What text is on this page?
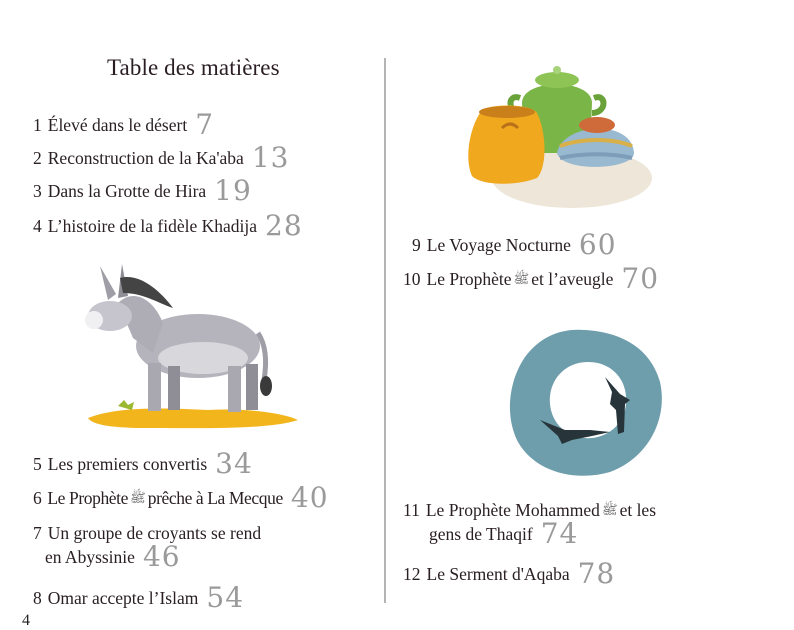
Table des matières
1 Élevé dans le désert 7
2 Reconstruction de la Ka'aba 13
3 Dans la Grotte de Hira 19
4 L’histoire de la fidèle Khadija 28
5 Les premiers convertis 34
6 Le Prophète ﷺ prêche à La Mecque 40
7 Un groupe de croyants se rend
en Abyssinie 46
8 Omar accepte l’Islam 54
4
9 Le Voyage Nocturne 60
10 Le Prophète ﷺ et l’aveugle 70
11 Le Prophète Mohammed ﷺ et les
gens de Thaqif 74
12 Le Serment d'Aqaba 78
